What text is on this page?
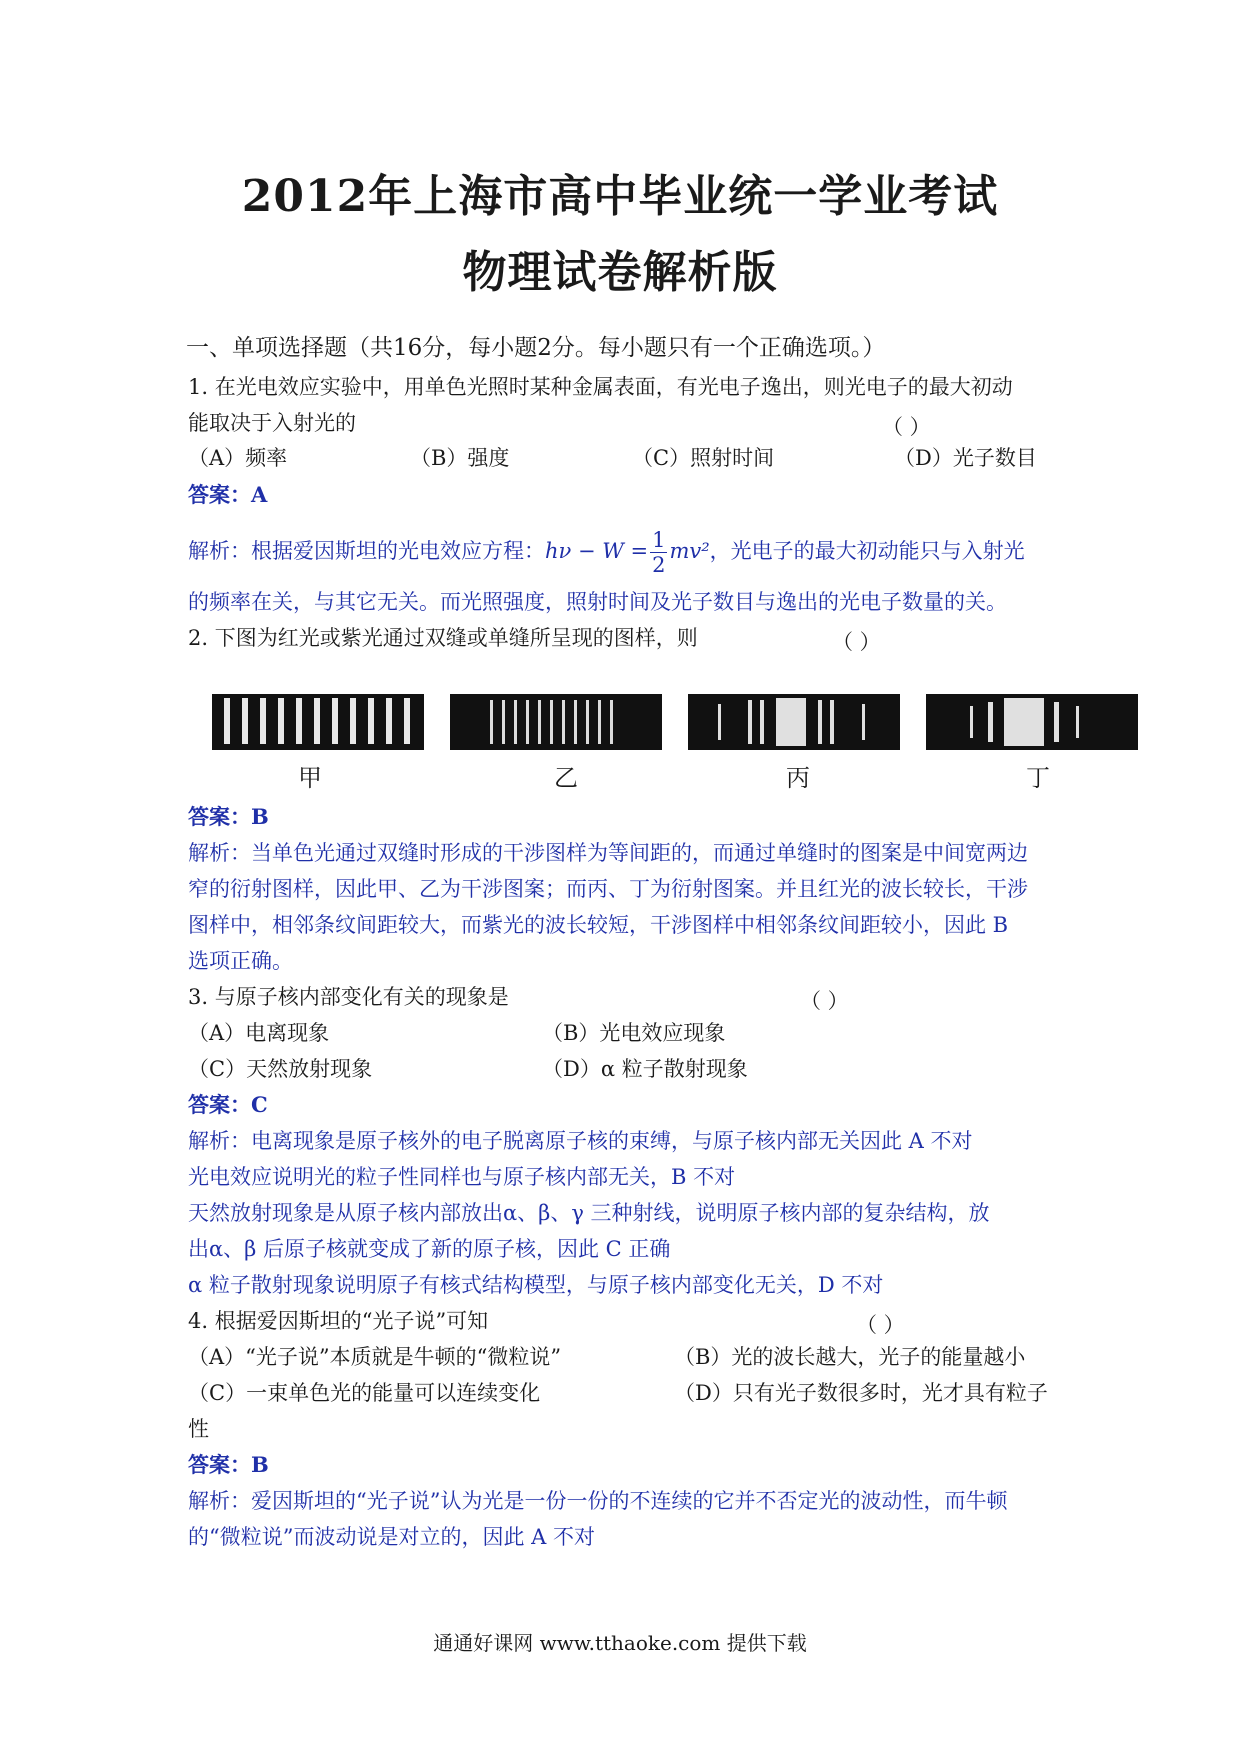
2012年上海市高中毕业统一学业考试
物理试卷解析版
一、单项选择题（共16分，每小题2分。每小题只有一个正确选项。）
1. 在光电效应实验中，用单色光照时某种金属表面，有光电子逸出，则光电子的最大初动
能取决于入射光的	（ ）
（A）频率	（B）强度	（C）照射时间	（D）光子数目
答案：A
解析：根据爱因斯坦的光电效应方程：$h\nu - W = \frac{1}{2} mv^2$，光电子的最大初动能只与入射光
的频率在关，与其它无关。而光照强度，照射时间及光子数目与逸出的光电子数量的关。
2. 下图为红光或紫光通过双缝或单缝所呈现的图样，则	（ ）
甲	乙	丙	丁
答案：B
解析：当单色光通过双缝时形成的干涉图样为等间距的，而通过单缝时的图案是中间宽两边
窄的衍射图样，因此甲、乙为干涉图案；而丙、丁为衍射图案。并且红光的波长较长，干涉
图样中，相邻条纹间距较大，而紫光的波长较短，干涉图样中相邻条纹间距较小，因此 B
选项正确。
3. 与原子核内部变化有关的现象是	（ ）
（A）电离现象	（B）光电效应现象
（C）天然放射现象	（D）α 粒子散射现象
答案：C
解析：电离现象是原子核外的电子脱离原子核的束缚，与原子核内部无关因此 A 不对
光电效应说明光的粒子性同样也与原子核内部无关，B 不对
天然放射现象是从原子核内部放出α、β、γ 三种射线，说明原子核内部的复杂结构，放
出α、β 后原子核就变成了新的原子核，因此 C 正确
α 粒子散射现象说明原子有核式结构模型，与原子核内部变化无关，D 不对
4. 根据爱因斯坦的“光子说”可知	（ ）
（A）“光子说”本质就是牛顿的“微粒说”	（B）光的波长越大，光子的能量越小
（C）一束单色光的能量可以连续变化	（D）只有光子数很多时，光才具有粒子
性
答案：B
解析：爱因斯坦的“光子说”认为光是一份一份的不连续的它并不否定光的波动性，而牛顿
的“微粒说”而波动说是对立的，因此 A 不对
通通好课网 www.tthaoke.com 提供下载
